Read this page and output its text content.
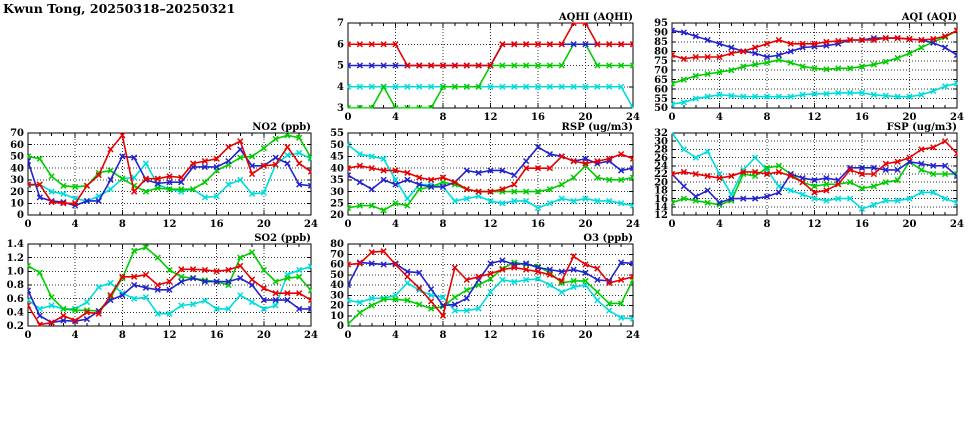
Kwun Tong, 20250318–20250321
3
4
5
6
7
0	4	8	12	16	20	24
AQHI (AQHI)
50
55
60
65
70
75
80
85
90
95
0	4	8	12	16	20	24
AQI (AQI)
0
10
20
30
40
50
60
70
0	4	8	12	16	20	24
NO2 (ppb)
20
25
30
35
40
45
50
55
0	4	8	12	16	20	24
RSP (ug/m3)
12
14
16
18
20
22
24
26
28
30
32
0	4	8	12	16	20	24
FSP (ug/m3)
0.2
0.4
0.6
0.8
1.0
1.2
1.4
0	4	8	12	16	20	24
SO2 (ppb)
0
10
20
30
40
50
60
70
80
0	4	8	12	16	20	24
O3 (ppb)
